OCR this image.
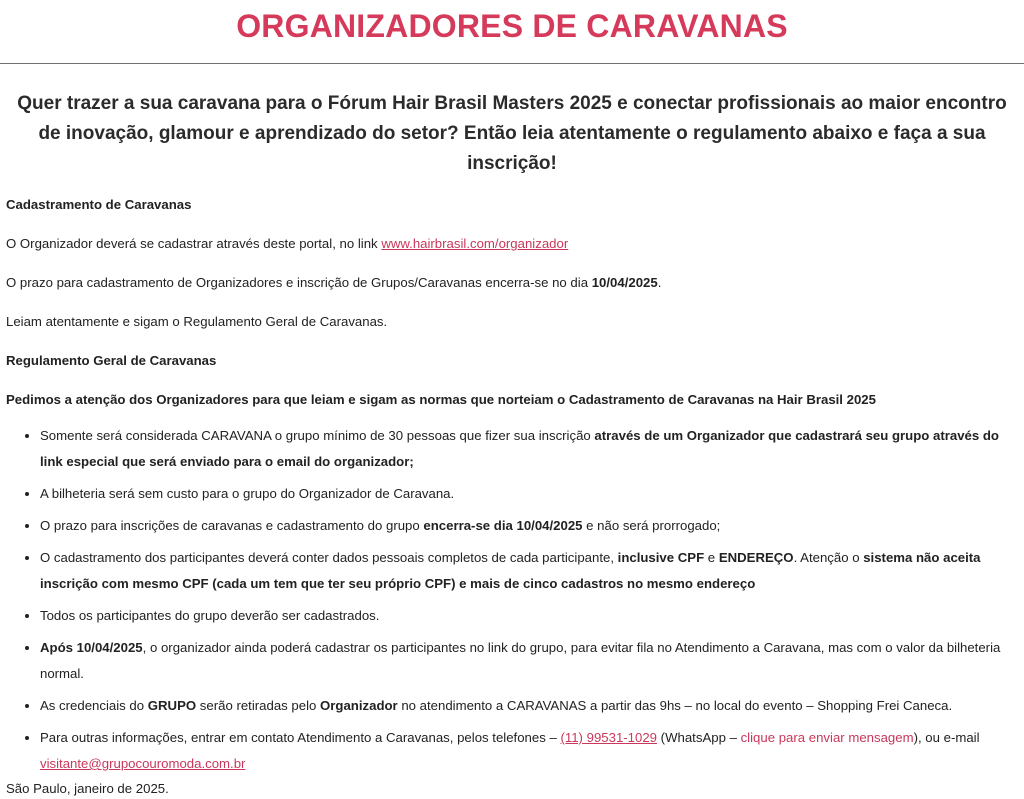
ORGANIZADORES DE CARAVANAS
Quer trazer a sua caravana para o Fórum Hair Brasil Masters 2025 e conectar profissionais ao maior encontro de inovação, glamour e aprendizado do setor? Então leia atentamente o regulamento abaixo e faça a sua inscrição!
Cadastramento de Caravanas
O Organizador deverá se cadastrar através deste portal, no link www.hairbrasil.com/organizador
O prazo para cadastramento de Organizadores e inscrição de Grupos/Caravanas encerra-se no dia 10/04/2025.
Leiam atentamente e sigam o Regulamento Geral de Caravanas.
Regulamento Geral de Caravanas
Pedimos a atenção dos Organizadores para que leiam e sigam as normas que norteiam o Cadastramento de Caravanas na Hair Brasil 2025
• Somente será considerada CARAVANA o grupo mínimo de 30 pessoas que fizer sua inscrição através de um Organizador que cadastrará seu grupo através do link especial que será enviado para o email do organizador;
• A bilheteria será sem custo para o grupo do Organizador de Caravana.
• O prazo para inscrições de caravanas e cadastramento do grupo encerra-se dia 10/04/2025 e não será prorrogado;
• O cadastramento dos participantes deverá conter dados pessoais completos de cada participante, inclusive CPF e ENDEREÇO. Atenção o sistema não aceita inscrição com mesmo CPF (cada um tem que ter seu próprio CPF) e mais de cinco cadastros no mesmo endereço
• Todos os participantes do grupo deverão ser cadastrados.
• Após 10/04/2025, o organizador ainda poderá cadastrar os participantes no link do grupo, para evitar fila no Atendimento a Caravana, mas com o valor da bilheteria normal.
• As credenciais do GRUPO serão retiradas pelo Organizador no atendimento a CARAVANAS a partir das 9hs – no local do evento – Shopping Frei Caneca.
• Para outras informações, entrar em contato Atendimento a Caravanas, pelos telefones – (11) 99531-1029 (WhatsApp – clique para enviar mensagem), ou e-mail visitante@grupocouromoda.com.br
São Paulo, janeiro de 2025.
